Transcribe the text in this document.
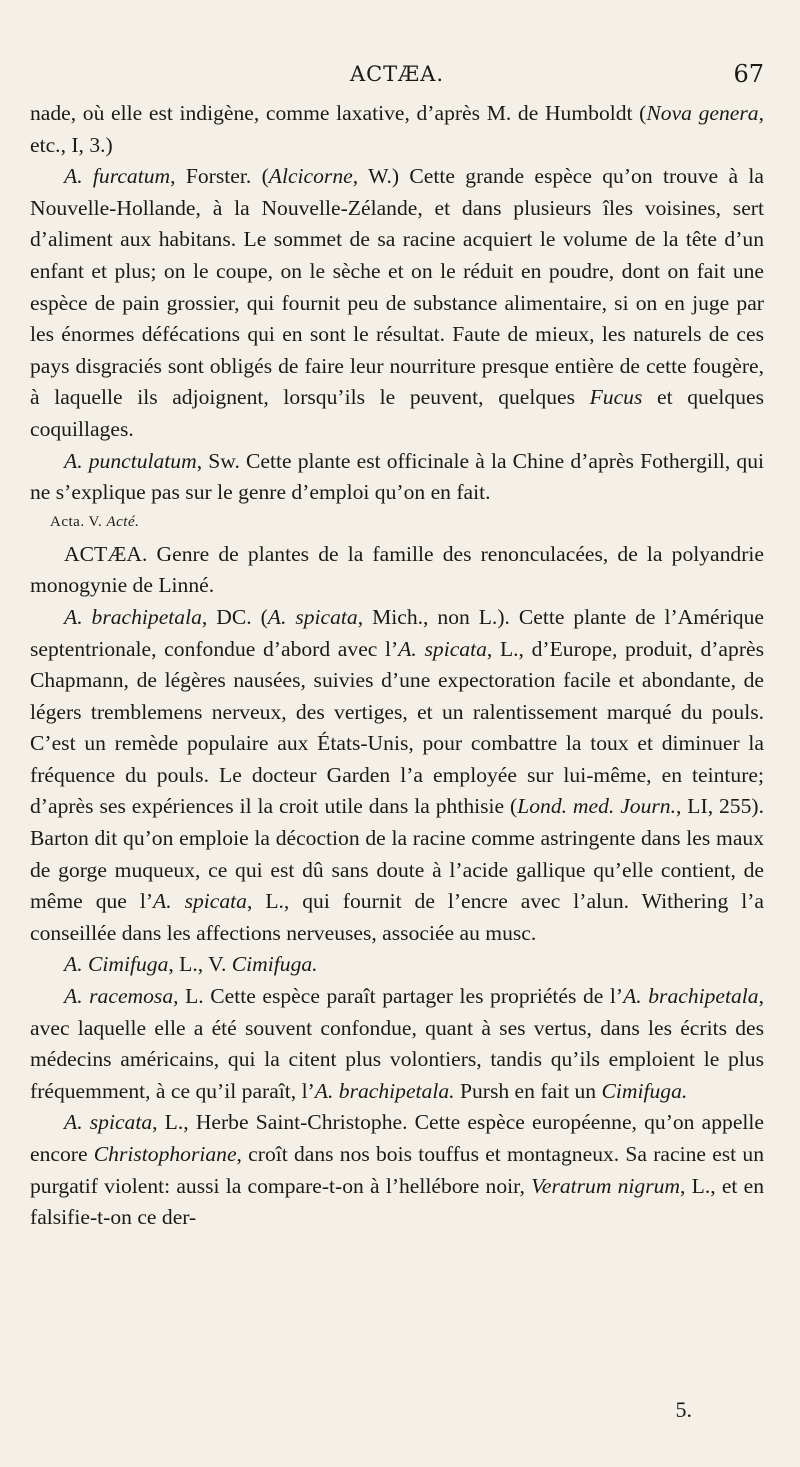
ACTÆA.	67

nade, où elle est indigène, comme laxative, d’après M. de Humboldt (Nova genera, etc., I, 3.)

A. furcatum, Forster. (Alcicorne, W.) Cette grande espèce qu’on trouve à la Nouvelle-Hollande, à la Nouvelle-Zélande, et dans plusieurs îles voisines, sert d’aliment aux habitans. Le sommet de sa racine acquiert le volume de la tête d’un enfant et plus; on le coupe, on le sèche et on le réduit en poudre, dont on fait une espèce de pain grossier, qui fournit peu de substance alimentaire, si on en juge par les énormes défécations qui en sont le résultat. Faute de mieux, les naturels de ces pays disgraciés sont obligés de faire leur nourriture presque entière de cette fougère, à laquelle ils adjoignent, lorsqu’ils le peuvent, quelques Fucus et quelques coquillages.

A. punctulatum, Sw. Cette plante est officinale à la Chine d’après Fothergill, qui ne s’explique pas sur le genre d’emploi qu’on en fait.

Acta. V. Acté.

ACTÆA. Genre de plantes de la famille des renonculacées, de la polyandrie monogynie de Linné.

A. brachipetala, DC. (A. spicata, Mich., non L.). Cette plante de l’Amérique septentrionale, confondue d’abord avec l’A. spicata, L., d’Europe, produit, d’après Chapmann, de légères nausées, suivies d’une expectoration facile et abondante, de légers tremblemens nerveux, des vertiges, et un ralentissement marqué du pouls. C’est un remède populaire aux États-Unis, pour combattre la toux et diminuer la fréquence du pouls. Le docteur Garden l’a employée sur lui-même, en teinture; d’après ses expériences il la croit utile dans la phthisie (Lond. med. Journ., LI, 255). Barton dit qu’on emploie la décoction de la racine comme astringente dans les maux de gorge muqueux, ce qui est dû sans doute à l’acide gallique qu’elle contient, de même que l’A. spicata, L., qui fournit de l’encre avec l’alun. Withering l’a conseillée dans les affections nerveuses, associée au musc.

A. Cimifuga, L., V. Cimifuga.

A. racemosa, L. Cette espèce paraît partager les propriétés de l’A. brachipetala, avec laquelle elle a été souvent confondue, quant à ses vertus, dans les écrits des médecins américains, qui la citent plus volontiers, tandis qu’ils emploient le plus fréquemment, à ce qu’il paraît, l’A. brachipetala. Pursh en fait un Cimifuga.

A. spicata, L., Herbe Saint-Christophe. Cette espèce européenne, qu’on appelle encore Christophoriane, croît dans nos bois touffus et montagneux. Sa racine est un purgatif violent: aussi la compare-t-on à l’hellébore noir, Veratrum nigrum, L., et en falsifie-t-on ce der-

5.
